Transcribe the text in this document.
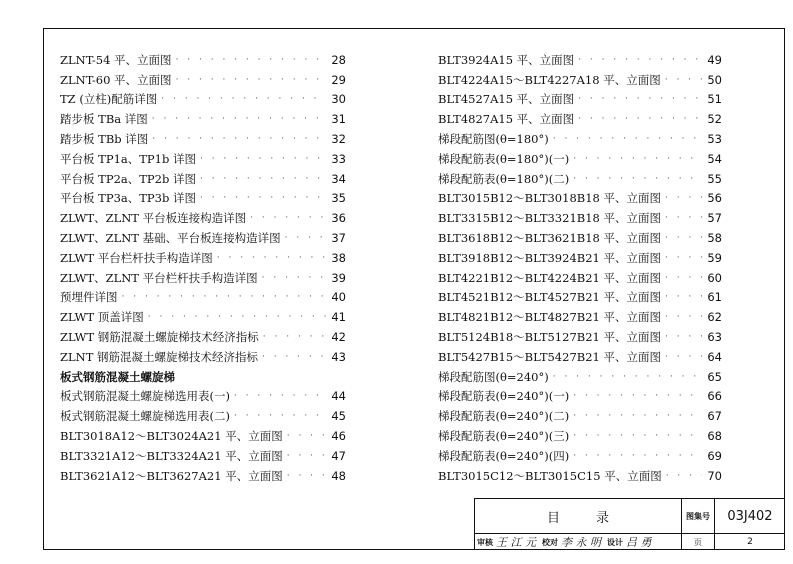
ZLNT-54 平、立面图 · · ·	28
ZLNT-60 平、立面图 · · ·	29
TZ (立柱)配筋详图 · · ·	30
踏步板 TBa 详图 · · ·	31
踏步板 TBb 详图 · · ·	32
平台板 TP1a、TP1b 详图 · · ·	33
平台板 TP2a、TP2b 详图 · · ·	34
平台板 TP3a、TP3b 详图 · · ·	35
ZLWT、ZLNT 平台板连接构造详图 · · ·	36
ZLWT、ZLNT 基础、平台板连接构造详图 · · ·	37
ZLWT 平台栏杆扶手构造详图 · · ·	38
ZLWT、ZLNT 平台栏杆扶手构造详图 · · ·	39
预埋件详图 · · ·	40
ZLWT 顶盖详图 · · ·	41
ZLWT 钢筋混凝土螺旋梯技术经济指标 · · ·	42
ZLNT 钢筋混凝土螺旋梯技术经济指标 · · ·	43
板式钢筋混凝土螺旋梯
板式钢筋混凝土螺旋梯选用表(一) · · ·	44
板式钢筋混凝土螺旋梯选用表(二) · · ·	45
BLT3018A12～BLT3024A21 平、立面图 · · ·	46
BLT3321A12～BLT3324A21 平、立面图 · · ·	47
BLT3621A12～BLT3627A21 平、立面图 · · ·	48
BLT3924A15 平、立面图 · · ·	49
BLT4224A15～BLT4227A18 平、立面图 · · ·	50
BLT4527A15 平、立面图 · · ·	51
BLT4827A15 平、立面图 · · ·	52
梯段配筋图(θ=180°) · · ·	53
梯段配筋表(θ=180°)(一) · · ·	54
梯段配筋表(θ=180°)(二) · · ·	55
BLT3015B12～BLT3018B18 平、立面图 · · ·	56
BLT3315B12～BLT3321B18 平、立面图 · · ·	57
BLT3618B12～BLT3621B18 平、立面图 · · ·	58
BLT3918B12～BLT3924B21 平、立面图 · · ·	59
BLT4221B12～BLT4224B21 平、立面图 · · ·	60
BLT4521B12～BLT4527B21 平、立面图 · · ·	61
BLT4821B12～BLT4827B21 平、立面图 · · ·	62
BLT5124B18～BLT5127B21 平、立面图 · · ·	63
BLT5427B15～BLT5427B21 平、立面图 · · ·	64
梯段配筋图(θ=240°) · · ·	65
梯段配筋表(θ=240°)(一) · · ·	66
梯段配筋表(θ=240°)(二) · · ·	67
梯段配筋表(θ=240°)(三) · · ·	68
梯段配筋表(θ=240°)(四) · · ·	69
BLT3015C12～BLT3015C15 平、立面图 · · ·	70
目录	图集号	03J402
审核 王 江 元 校对 李 永 明 设计 吕 勇	页	2
